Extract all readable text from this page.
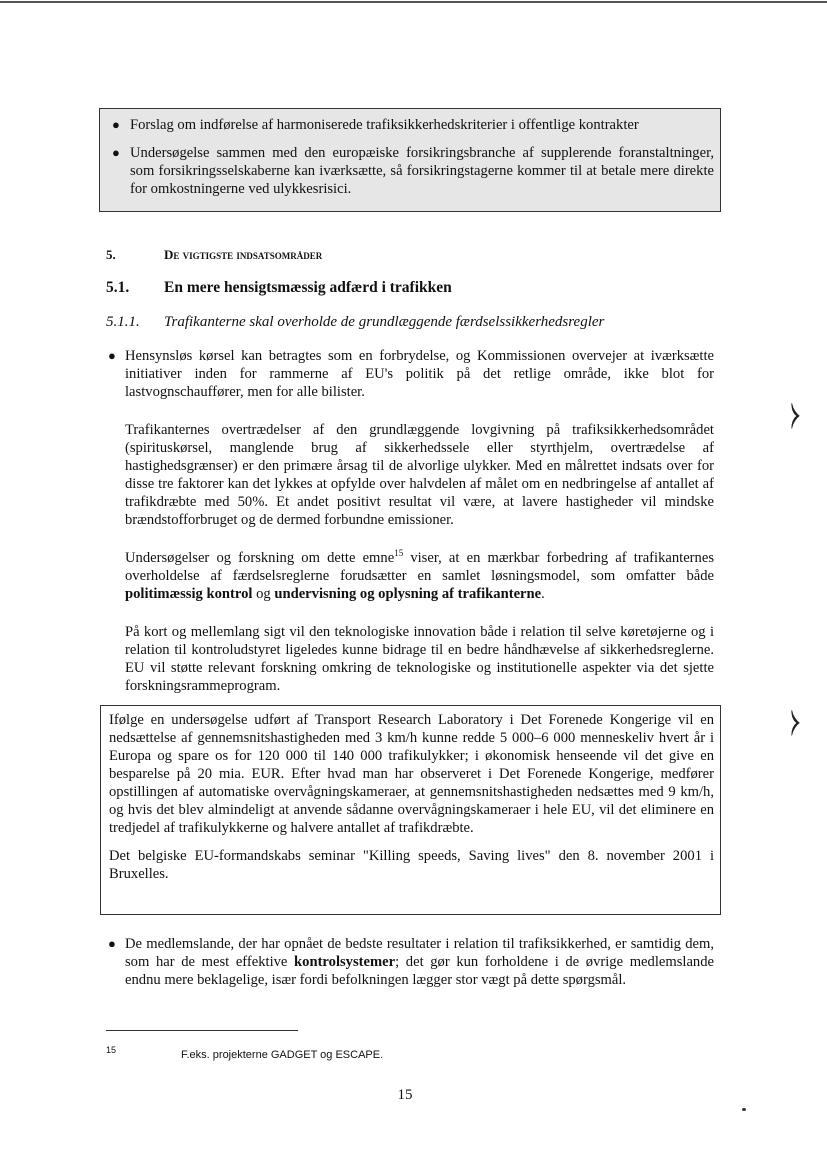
● Forslag om indførelse af harmoniserede trafiksikkerhedskriterier i offentlige kontrakter
● Undersøgelse sammen med den europæiske forsikringsbranche af supplerende foranstaltninger, som forsikringsselskaberne kan iværksætte, så forsikringstagerne kommer til at betale mere direkte for omkostningerne ved ulykkesrisici.
5.	De vigtigste indsatsområder
5.1. En mere hensigtsmæssig adfærd i trafikken
5.1.1. Trafikanterne skal overholde de grundlæggende færdselssikkerhedsregler
● Hensynsløs kørsel kan betragtes som en forbrydelse, og Kommissionen overvejer at iværksætte initiativer inden for rammerne af EU's politik på det retlige område, ikke blot for lastvognschauffører, men for alle bilister.
Trafikanternes overtrædelser af den grundlæggende lovgivning på trafiksikkerhedsområdet (spirituskørsel, manglende brug af sikkerhedssele eller styrthjelm, overtrædelse af hastighedsgrænser) er den primære årsag til de alvorlige ulykker. Med en målrettet indsats over for disse tre faktorer kan det lykkes at opfylde over halvdelen af målet om en nedbringelse af antallet af trafikdræbte med 50%. Et andet positivt resultat vil være, at lavere hastigheder vil mindske brændstofforbruget og de dermed forbundne emissioner.
Undersøgelser og forskning om dette emne$^{15}$ viser, at en mærkbar forbedring af trafikanternes overholdelse af færdselsreglerne forudsætter en samlet løsningsmodel, som omfatter både politimæssig kontrol og undervisning og oplysning af trafikanterne.
På kort og mellemlang sigt vil den teknologiske innovation både i relation til selve køretøjerne og i relation til kontroludstyret ligeledes kunne bidrage til en bedre håndhævelse af sikkerhedsreglerne. EU vil støtte relevant forskning omkring de teknologiske og institutionelle aspekter via det sjette forskningsrammeprogram.

Ifølge en undersøgelse udført af Transport Research Laboratory i Det Forenede Kongerige vil en nedsættelse af gennemsnitshastigheden med 3 km/h kunne redde 5 000–6 000 menneskeliv hvert år i Europa og spare os for 120 000 til 140 000 trafikulykker; i økonomisk henseende vil det give en besparelse på 20 mia. EUR. Efter hvad man har observeret i Det Forenede Kongerige, medfører opstillingen af automatiske overvågningskameraer, at gennemsnitshastigheden nedsættes med 9 km/h, og hvis det blev almindeligt at anvende sådanne overvågningskameraer i hele EU, vil det eliminere en tredjedel af trafikulykkerne og halvere antallet af trafikdræbte.

Det belgiske EU-formandskabs seminar "Killing speeds, Saving lives" den 8. november 2001 i Bruxelles.

● De medlemslande, der har opnået de bedste resultater i relation til trafiksikkerhed, er samtidig dem, som har de mest effektive kontrolsystemer; det gør kun forholdene i de øvrige medlemslande endnu mere beklagelige, især fordi befolkningen lægger stor vægt på dette spørgsmål.
15	F.eks. projekterne GADGET og ESCAPE.
15
⧽
⧽
